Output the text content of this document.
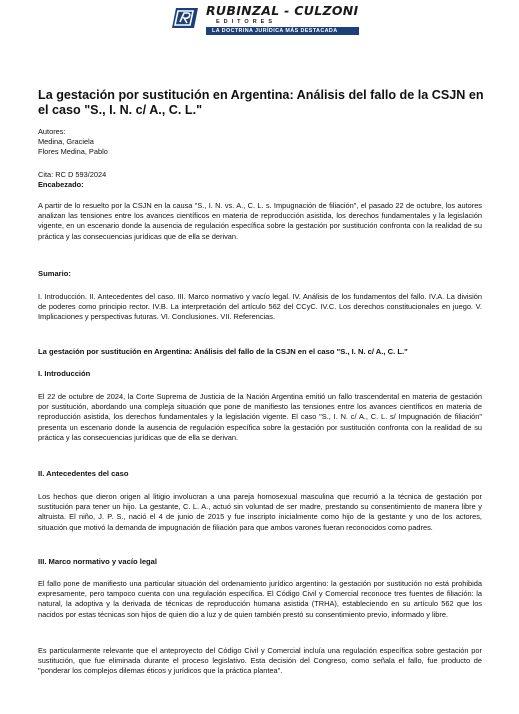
RUBINZAL - CULZONI
EDITORES
LA DOCTRINA JURÍDICA MÁS DESTACADA
La gestación por sustitución en Argentina: Análisis del fallo de la CSJN en el caso "S., I. N. c/ A., C. L."
Autores:
Medina, Graciela
Flores Medina, Pablo
Cita: RC D 593/2024
Encabezado:
A partir de lo resuelto por la CSJN en la causa "S., I. N. vs. A., C. L. s. Impugnación de filiación", el pasado 22 de octubre, los autores analizan las tensiones entre los avances científicos en materia de reproducción asistida, los derechos fundamentales y la legislación vigente, en un escenario donde la ausencia de regulación específica sobre la gestación por sustitución confronta con la realidad de su práctica y las consecuencias jurídicas que de ella se derivan.
Sumario:
I. Introducción. II. Antecedentes del caso. III. Marco normativo y vacío legal. IV. Análisis de los fundamentos del fallo. IV.A. La división de poderes como principio rector. IV.B. La interpretación del artículo 562 del CCyC. IV.C. Los derechos constitucionales en juego. V. Implicaciones y perspectivas futuras. VI. Conclusiones. VII. Referencias.
La gestación por sustitución en Argentina: Análisis del fallo de la CSJN en el caso "S., I. N. c/ A., C. L."
I. Introducción
El 22 de octubre de 2024, la Corte Suprema de Justicia de la Nación Argentina emitió un fallo trascendental en materia de gestación por sustitución, abordando una compleja situación que pone de manifiesto las tensiones entre los avances científicos en materia de reproducción asistida, los derechos fundamentales y la legislación vigente. El caso "S., I. N. c/ A., C. L. s/ Impugnación de filiación" presenta un escenario donde la ausencia de regulación específica sobre la gestación por sustitución confronta con la realidad de su práctica y las consecuencias jurídicas que de ella se derivan.
II. Antecedentes del caso
Los hechos que dieron origen al litigio involucran a una pareja homosexual masculina que recurrió a la técnica de gestación por sustitución para tener un hijo. La gestante, C. L. A., actuó sin voluntad de ser madre, prestando su consentimiento de manera libre y altruista. El niño, J. P. S., nació el 4 de junio de 2015 y fue inscripto inicialmente como hijo de la gestante y uno de los actores, situación que motivó la demanda de impugnación de filiación para que ambos varones fueran reconocidos como padres.
III. Marco normativo y vacío legal
El fallo pone de manifiesto una particular situación del ordenamiento jurídico argentino: la gestación por sustitución no está prohibida expresamente, pero tampoco cuenta con una regulación específica. El Código Civil y Comercial reconoce tres fuentes de filiación: la natural, la adoptiva y la derivada de técnicas de reproducción humana asistida (TRHA), estableciendo en su artículo 562 que los nacidos por estas técnicas son hijos de quien dio a luz y de quien también prestó su consentimiento previo, informado y libre.
Es particularmente relevante que el anteproyecto del Código Civil y Comercial incluía una regulación específica sobre gestación por sustitución, que fue eliminada durante el proceso legislativo. Esta decisión del Congreso, como señala el fallo, fue producto de "ponderar los complejos dilemas éticos y jurídicos que la práctica plantea".
